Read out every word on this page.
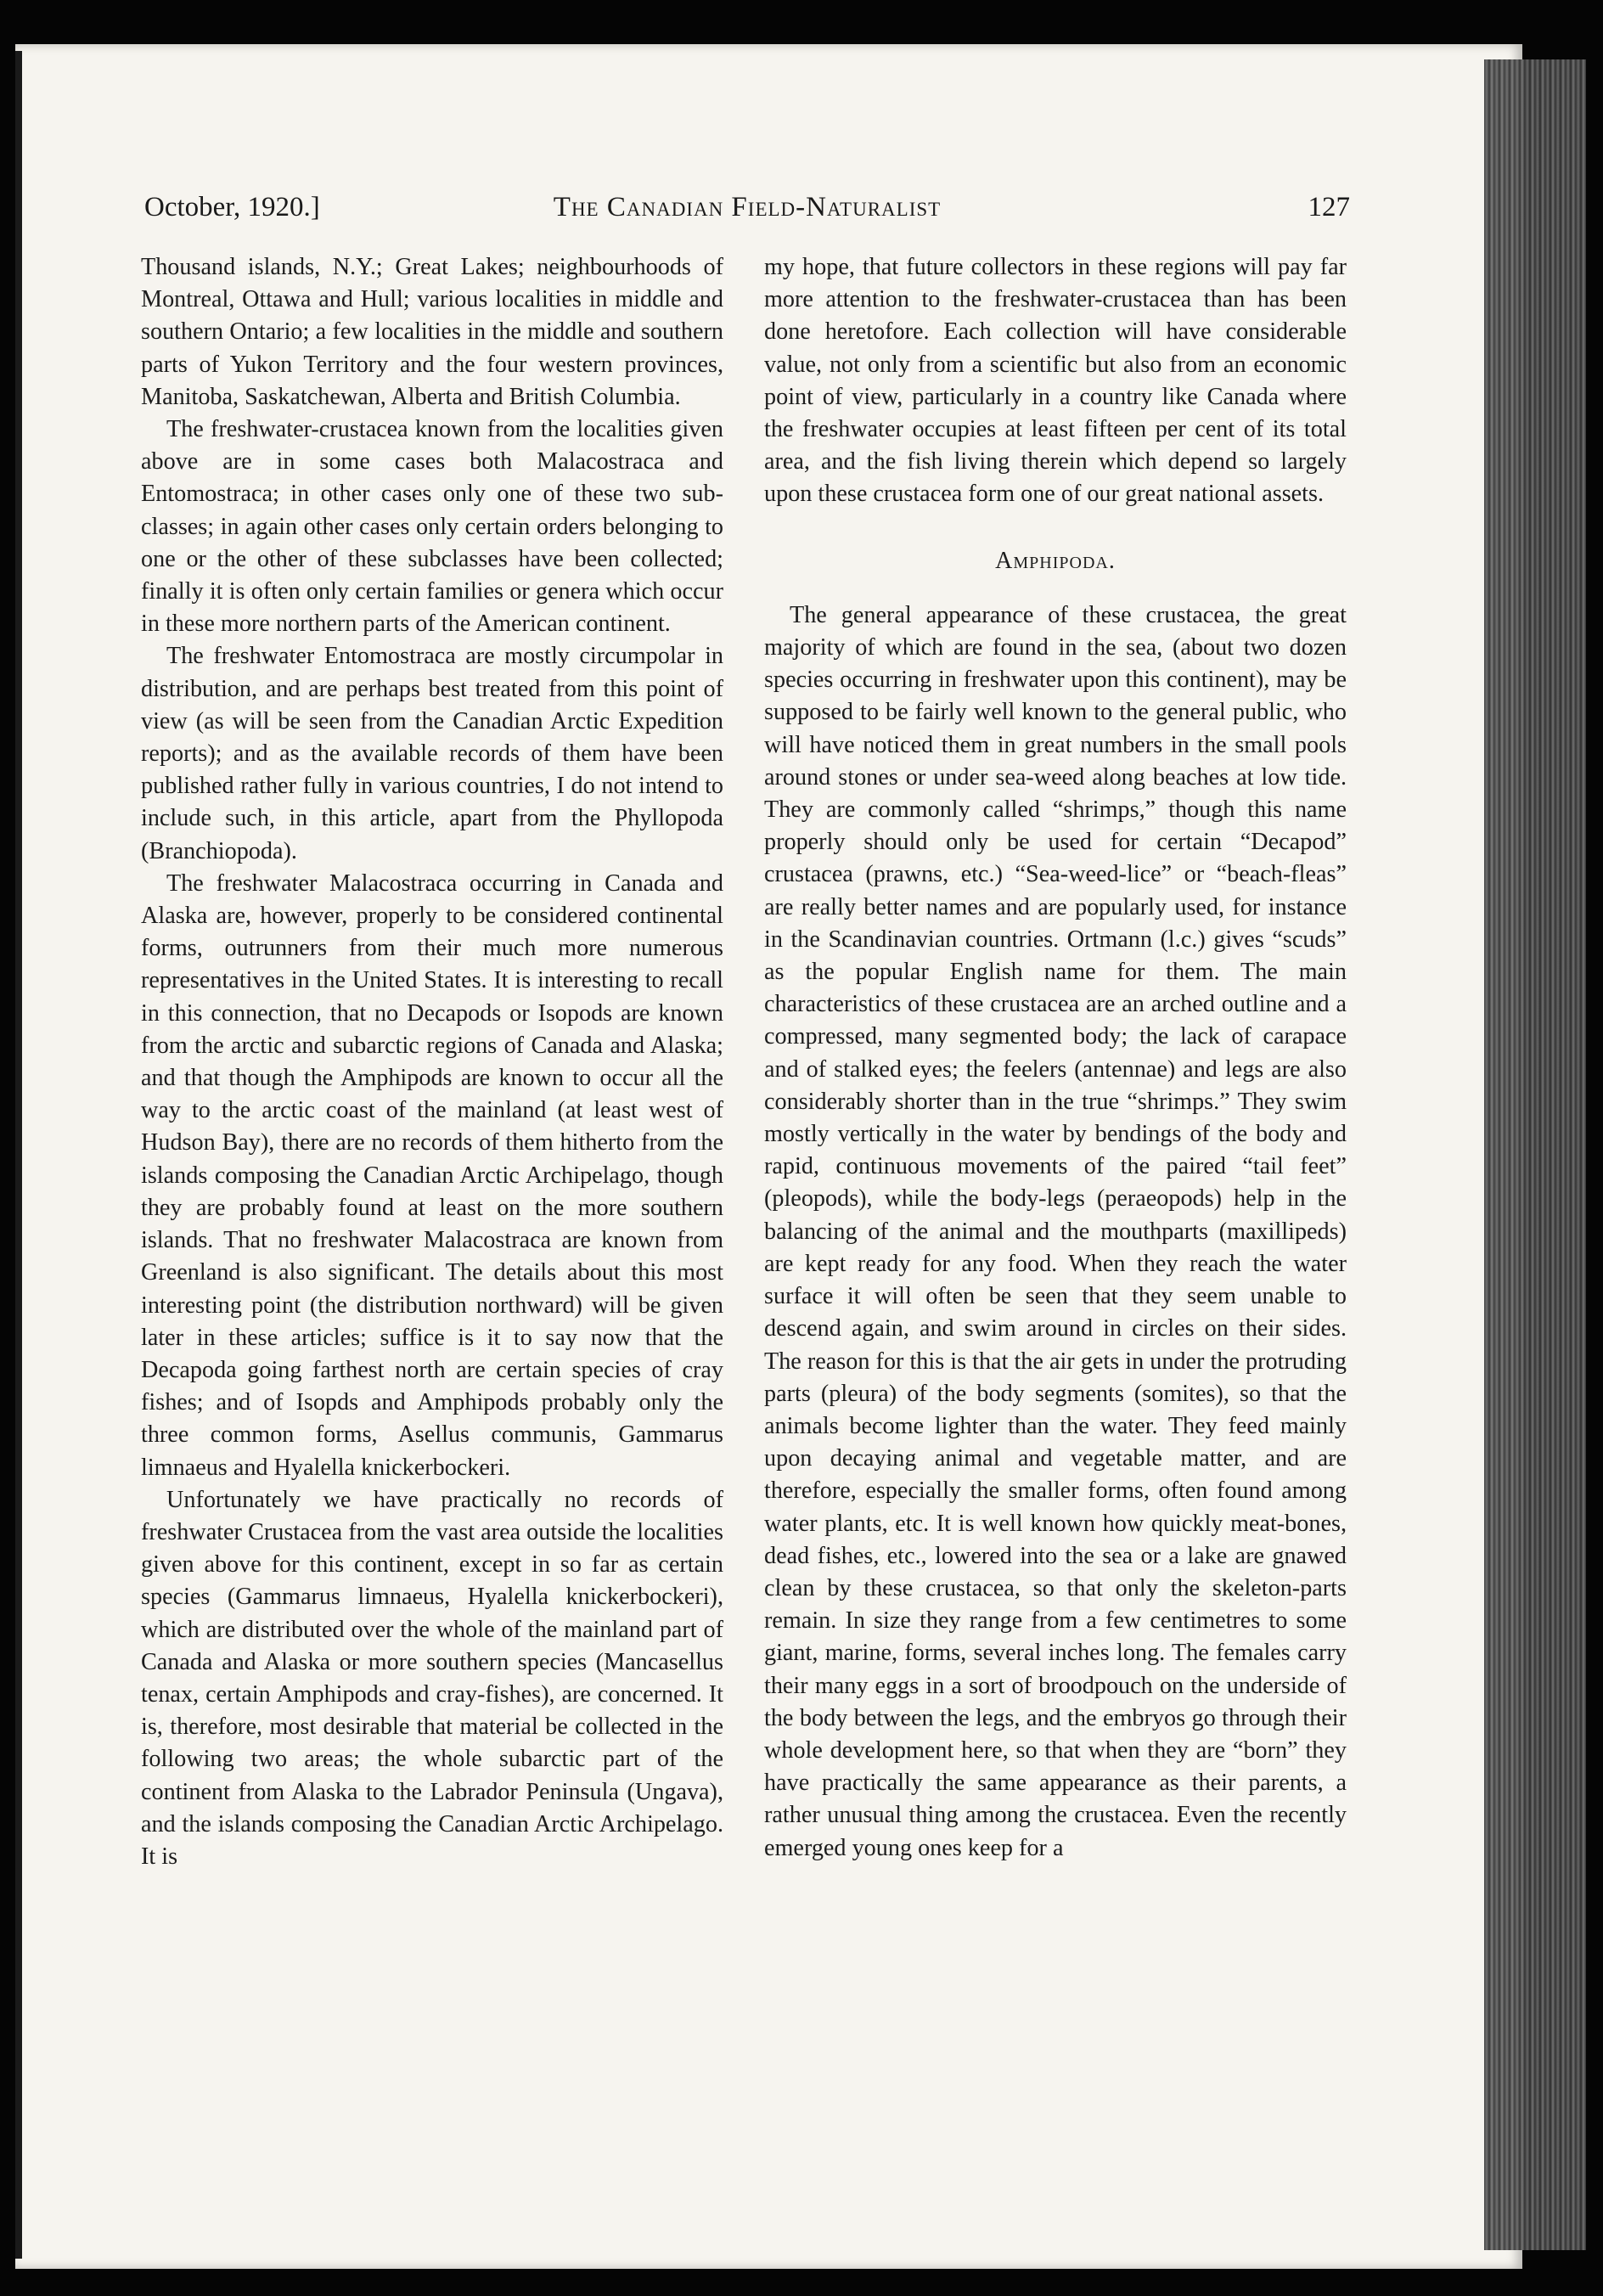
October, 1920.]	The Canadian Field-Naturalist	127

Thousand islands, N.Y.; Great Lakes; neighbourhoods of Montreal, Ottawa and Hull; various localities in middle and southern Ontario; a few localities in the middle and southern parts of Yukon Territory and the four western provinces, Manitoba, Saskatchewan, Alberta and British Columbia.

The freshwater-crustacea known from the localities given above are in some cases both Malacostraca and Entomostraca; in other cases only one of these two sub-classes; in again other cases only certain orders belonging to one or the other of these subclasses have been collected; finally it is often only certain families or genera which occur in these more northern parts of the American continent.

The freshwater Entomostraca are mostly circumpolar in distribution, and are perhaps best treated from this point of view (as will be seen from the Canadian Arctic Expedition reports); and as the available records of them have been published rather fully in various countries, I do not intend to include such, in this article, apart from the Phyllopoda (Branchiopoda).

The freshwater Malacostraca occurring in Canada and Alaska are, however, properly to be considered continental forms, outrunners from their much more numerous representatives in the United States. It is interesting to recall in this connection, that no Decapods or Isopods are known from the arctic and subarctic regions of Canada and Alaska; and that though the Amphipods are known to occur all the way to the arctic coast of the mainland (at least west of Hudson Bay), there are no records of them hitherto from the islands composing the Canadian Arctic Archipelago, though they are probably found at least on the more southern islands. That no freshwater Malacostraca are known from Greenland is also significant. The details about this most interesting point (the distribution northward) will be given later in these articles; suffice is it to say now that the Decapoda going farthest north are certain species of cray fishes; and of Isopds and Amphipods probably only the three common forms, Asellus communis, Gammarus limnaeus and Hyalella knickerbockeri.

Unfortunately we have practically no records of freshwater Crustacea from the vast area outside the localities given above for this continent, except in so far as certain species (Gammarus limnaeus, Hyalella knickerbockeri), which are distributed over the whole of the mainland part of Canada and Alaska or more southern species (Mancasellus tenax, certain Amphipods and cray-fishes), are concerned. It is, therefore, most desirable that material be collected in the following two areas; the whole subarctic part of the continent from Alaska to the Labrador Peninsula (Ungava), and the islands composing the Canadian Arctic Archipelago. It is

my hope, that future collectors in these regions will pay far more attention to the freshwater-crustacea than has been done heretofore. Each collection will have considerable value, not only from a scientific but also from an economic point of view, particularly in a country like Canada where the freshwater occupies at least fifteen per cent of its total area, and the fish living therein which depend so largely upon these crustacea form one of our great national assets.

Amphipoda.

The general appearance of these crustacea, the great majority of which are found in the sea, (about two dozen species occurring in freshwater upon this continent), may be supposed to be fairly well known to the general public, who will have noticed them in great numbers in the small pools around stones or under sea-weed along beaches at low tide. They are commonly called “shrimps,” though this name properly should only be used for certain “Decapod” crustacea (prawns, etc.) “Sea-weed-lice” or “beach-fleas” are really better names and are popularly used, for instance in the Scandinavian countries. Ortmann (l.c.) gives “scuds” as the popular English name for them. The main characteristics of these crustacea are an arched outline and a compressed, many segmented body; the lack of carapace and of stalked eyes; the feelers (antennae) and legs are also considerably shorter than in the true “shrimps.” They swim mostly vertically in the water by bendings of the body and rapid, continuous movements of the paired “tail feet” (pleopods), while the body-legs (peraeopods) help in the balancing of the animal and the mouthparts (maxillipeds) are kept ready for any food. When they reach the water surface it will often be seen that they seem unable to descend again, and swim around in circles on their sides. The reason for this is that the air gets in under the protruding parts (pleura) of the body segments (somites), so that the animals become lighter than the water. They feed mainly upon decaying animal and vegetable matter, and are therefore, especially the smaller forms, often found among water plants, etc. It is well known how quickly meat-bones, dead fishes, etc., lowered into the sea or a lake are gnawed clean by these crustacea, so that only the skeleton-parts remain. In size they range from a few centimetres to some giant, marine, forms, several inches long. The females carry their many eggs in a sort of broodpouch on the underside of the body between the legs, and the embryos go through their whole development here, so that when they are “born” they have practically the same appearance as their parents, a rather unusual thing among the crustacea. Even the recently emerged young ones keep for a
